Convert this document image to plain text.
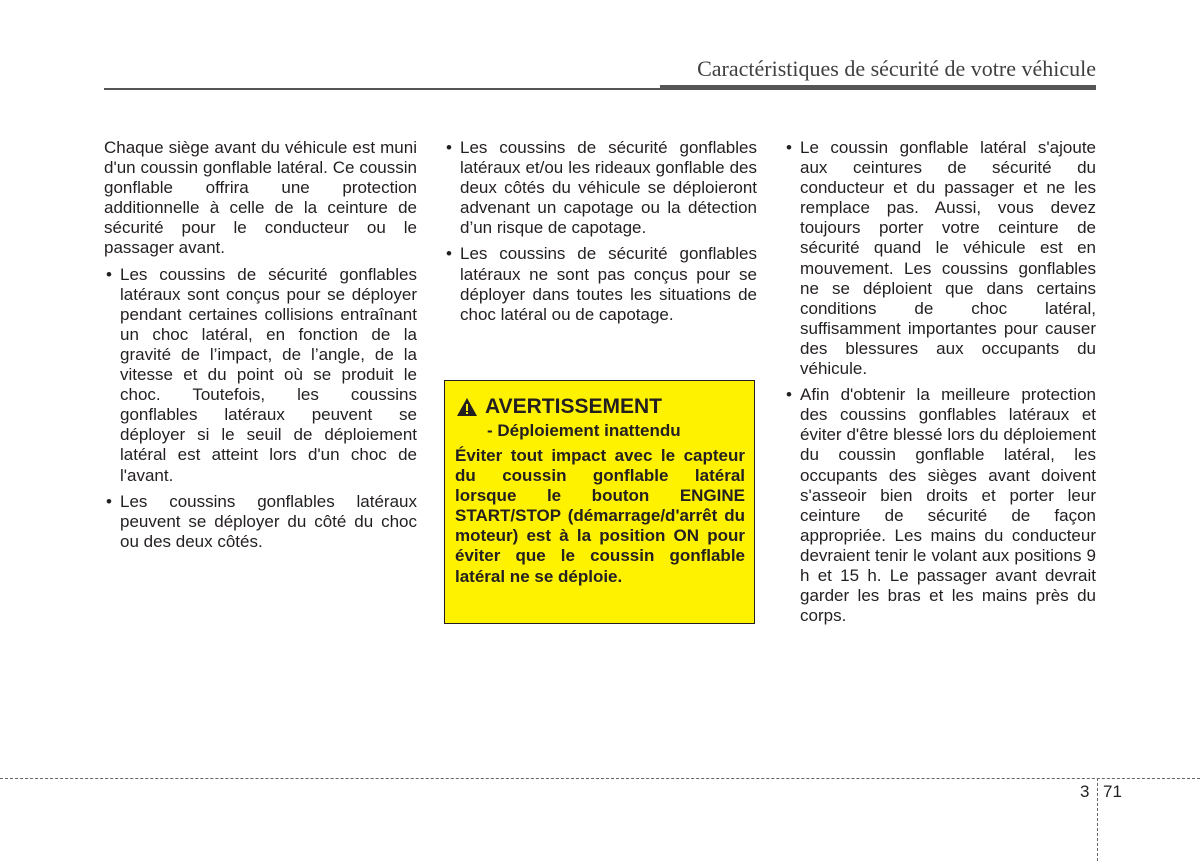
Caractéristiques de sécurité de votre véhicule

Chaque siège avant du véhicule est muni d'un coussin gonflable latéral. Ce coussin gonflable offrira une protection additionnelle à celle de la ceinture de sécurité pour le conducteur ou le passager avant.

• Les coussins de sécurité gonflables latéraux sont conçus pour se déployer pendant certaines collisions entraînant un choc latéral, en fonction de la gravité de l’impact, de l’angle, de la vitesse et du point où se produit le choc. Toutefois, les coussins gonflables latéraux peuvent se déployer si le seuil de déploiement latéral est atteint lors d'un choc de l'avant.
• Les coussins gonflables latéraux peuvent se déployer du côté du choc ou des deux côtés.
• Les coussins de sécurité gonflables latéraux et/ou les rideaux gonflable des deux côtés du véhicule se déploieront advenant un capotage ou la détection d’un risque de capotage.
• Les coussins de sécurité gonflables latéraux ne sont pas conçus pour se déployer dans toutes les situations de choc latéral ou de capotage.
AVERTISSEMENT
- Déploiement inattendu
Éviter tout impact avec le capteur du coussin gonflable latéral lorsque le bouton ENGINE START/STOP (démarrage/d'arrêt du moteur) est à la position ON pour éviter que le coussin gonflable latéral ne se déploie.
• Le coussin gonflable latéral s'ajoute aux ceintures de sécurité du conducteur et du passager et ne les remplace pas. Aussi, vous devez toujours porter votre ceinture de sécurité quand le véhicule est en mouvement. Les coussins gonflables ne se déploient que dans certains conditions de choc latéral, suffisamment importantes pour causer des blessures aux occupants du véhicule.
• Afin d'obtenir la meilleure protection des coussins gonflables latéraux et éviter d'être blessé lors du déploiement du coussin gonflable latéral, les occupants des sièges avant doivent s'asseoir bien droits et porter leur ceinture de sécurité de façon appropriée. Les mains du conducteur devraient tenir le volant aux positions 9 h et 15 h. Le passager avant devrait garder les bras et les mains près du corps.
3 71
